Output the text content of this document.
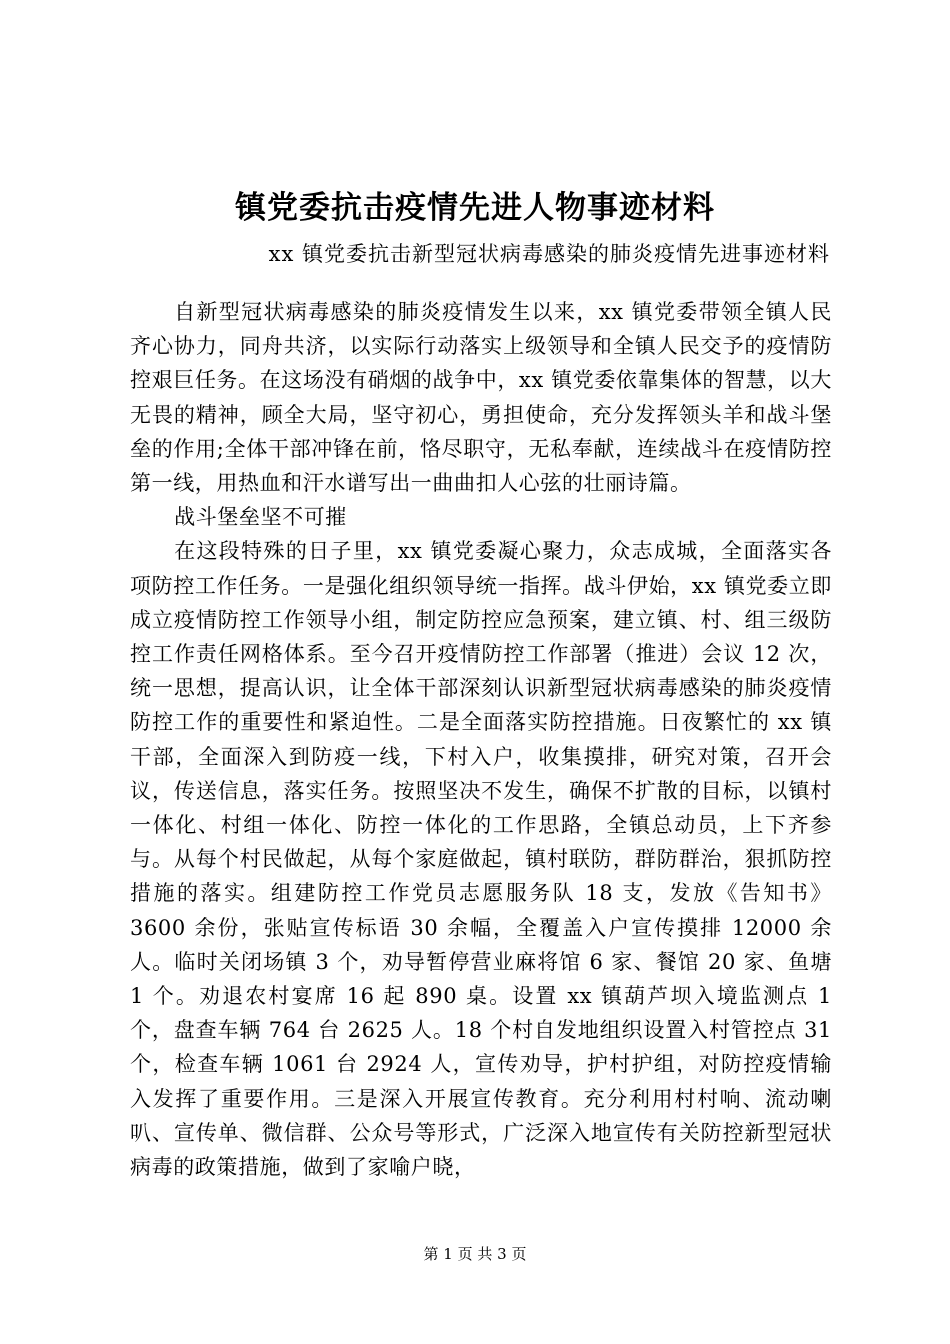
镇党委抗击疫情先进人物事迹材料

xx 镇党委抗击新型冠状病毒感染的肺炎疫情先进事迹材料

自新型冠状病毒感染的肺炎疫情发生以来，xx 镇党委带领全镇人民齐心协力，同舟共济，以实际行动落实上级领导和全镇人民交予的疫情防控艰巨任务。在这场没有硝烟的战争中，xx 镇党委依靠集体的智慧，以大无畏的精神，顾全大局，坚守初心，勇担使命，充分发挥领头羊和战斗堡垒的作用;全体干部冲锋在前，恪尽职守，无私奉献，连续战斗在疫情防控第一线，用热血和汗水谱写出一曲曲扣人心弦的壮丽诗篇。

战斗堡垒坚不可摧

在这段特殊的日子里，xx 镇党委凝心聚力，众志成城，全面落实各项防控工作任务。一是强化组织领导统一指挥。战斗伊始，xx 镇党委立即成立疫情防控工作领导小组，制定防控应急预案，建立镇、村、组三级防控工作责任网格体系。至今召开疫情防控工作部署（推进）会议 12 次，统一思想，提高认识，让全体干部深刻认识新型冠状病毒感染的肺炎疫情防控工作的重要性和紧迫性。二是全面落实防控措施。日夜繁忙的 xx 镇干部，全面深入到防疫一线，下村入户，收集摸排，研究对策，召开会议，传送信息，落实任务。按照坚决不发生，确保不扩散的目标，以镇村一体化、村组一体化、防控一体化的工作思路，全镇总动员，上下齐参与。从每个村民做起，从每个家庭做起，镇村联防，群防群治，狠抓防控措施的落实。组建防控工作党员志愿服务队 18 支，发放《告知书》3600 余份，张贴宣传标语 30 余幅，全覆盖入户宣传摸排 12000 余人。临时关闭场镇 3 个，劝导暂停营业麻将馆 6 家、餐馆 20 家、鱼塘 1 个。劝退农村宴席 16 起 890 桌。设置 xx 镇葫芦坝入境监测点 1 个，盘查车辆 764 台 2625 人。18 个村自发地组织设置入村管控点 31 个，检查车辆 1061 台 2924 人，宣传劝导，护村护组，对防控疫情输入发挥了重要作用。三是深入开展宣传教育。充分利用村村响、流动喇叭、宣传单、微信群、公众号等形式，广泛深入地宣传有关防控新型冠状病毒的政策措施，做到了家喻户晓，

第 1 页 共 3 页
